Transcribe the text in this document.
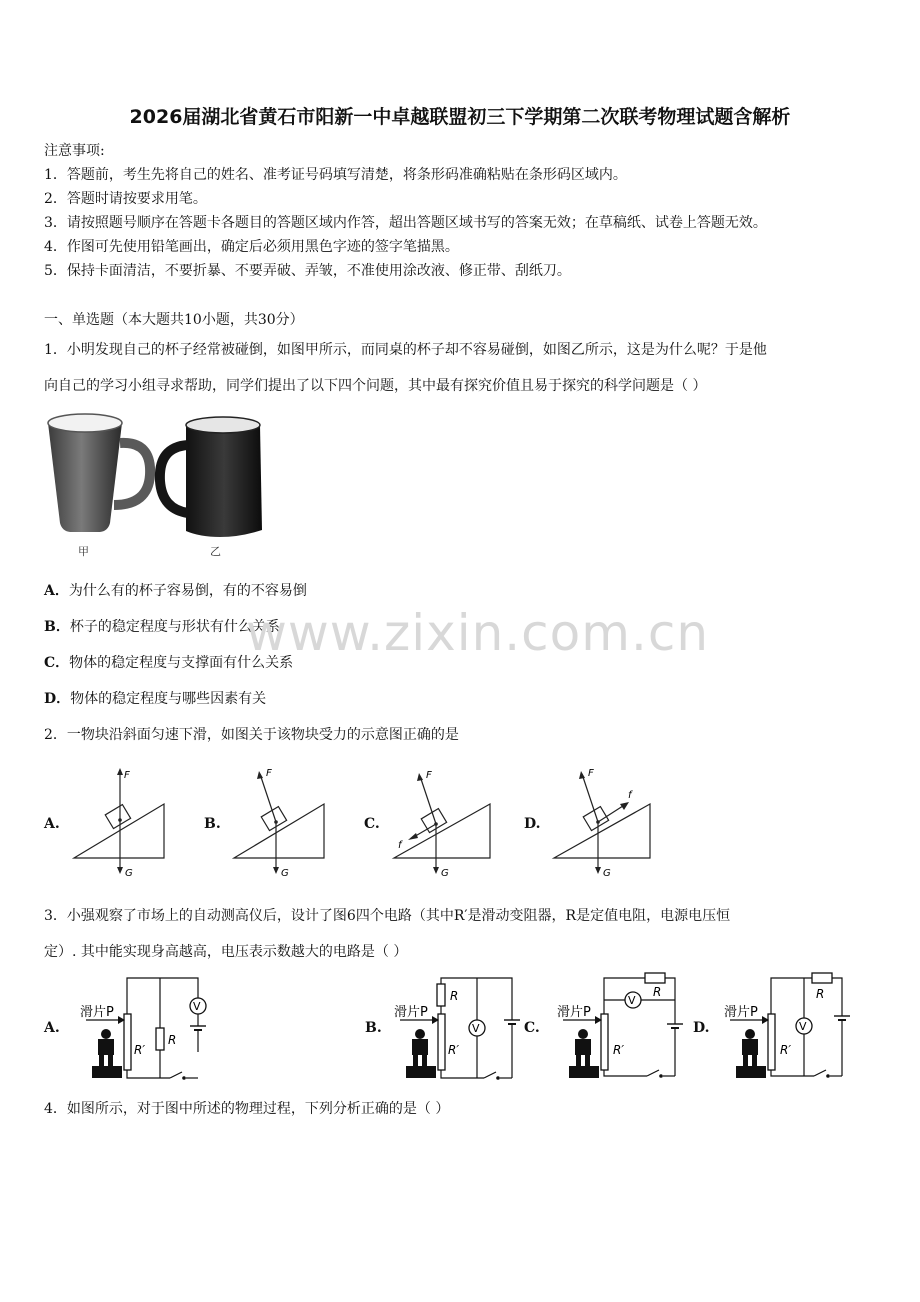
2026届湖北省黄石市阳新一中卓越联盟初三下学期第二次联考物理试题含解析
注意事项:
1．答题前，考生先将自己的姓名、准考证号码填写清楚，将条形码准确粘贴在条形码区域内。
2．答题时请按要求用笔。
3．请按照题号顺序在答题卡各题目的答题区域内作答，超出答题区域书写的答案无效；在草稿纸、试卷上答题无效。
4．作图可先使用铅笔画出，确定后必须用黑色字迹的签字笔描黑。
5．保持卡面清洁，不要折暴、不要弄破、弄皱，不准使用涂改液、修正带、刮纸刀。
一、单选题（本大题共10小题，共30分）
1．小明发现自己的杯子经常被碰倒，如图甲所示，而同桌的杯子却不容易碰倒，如图乙所示，这是为什么呢？于是他
向自己的学习小组寻求帮助，同学们提出了以下四个问题，其中最有探究价值且易于探究的科学问题是（ ）
甲	乙
A．为什么有的杯子容易倒，有的不容易倒
B．杯子的稳定程度与形状有什么关系
C．物体的稳定程度与支撑面有什么关系
D．物体的稳定程度与哪些因素有关
www.zixin.com.cn
2．一物块沿斜面匀速下滑，如图关于该物块受力的示意图正确的是
A.	B.	C.	D.
F
G
F
G
F
f
G
F
f
G
3．小强观察了市场上的自动测高仪后，设计了图6四个电路（其中R′是滑动变阻器，R是定值电阻，电源电压恒
定）. 其中能实现身高越高，电压表示数越大的电路是（ ）
A.	B.	C.	D.
滑片P
R′
R
V	滑片P
R′
R
V
滑片P
R′
V
R
滑片P
R′
R
V
4．如图所示，对于图中所述的物理过程，下列分析正确的是（ ）
